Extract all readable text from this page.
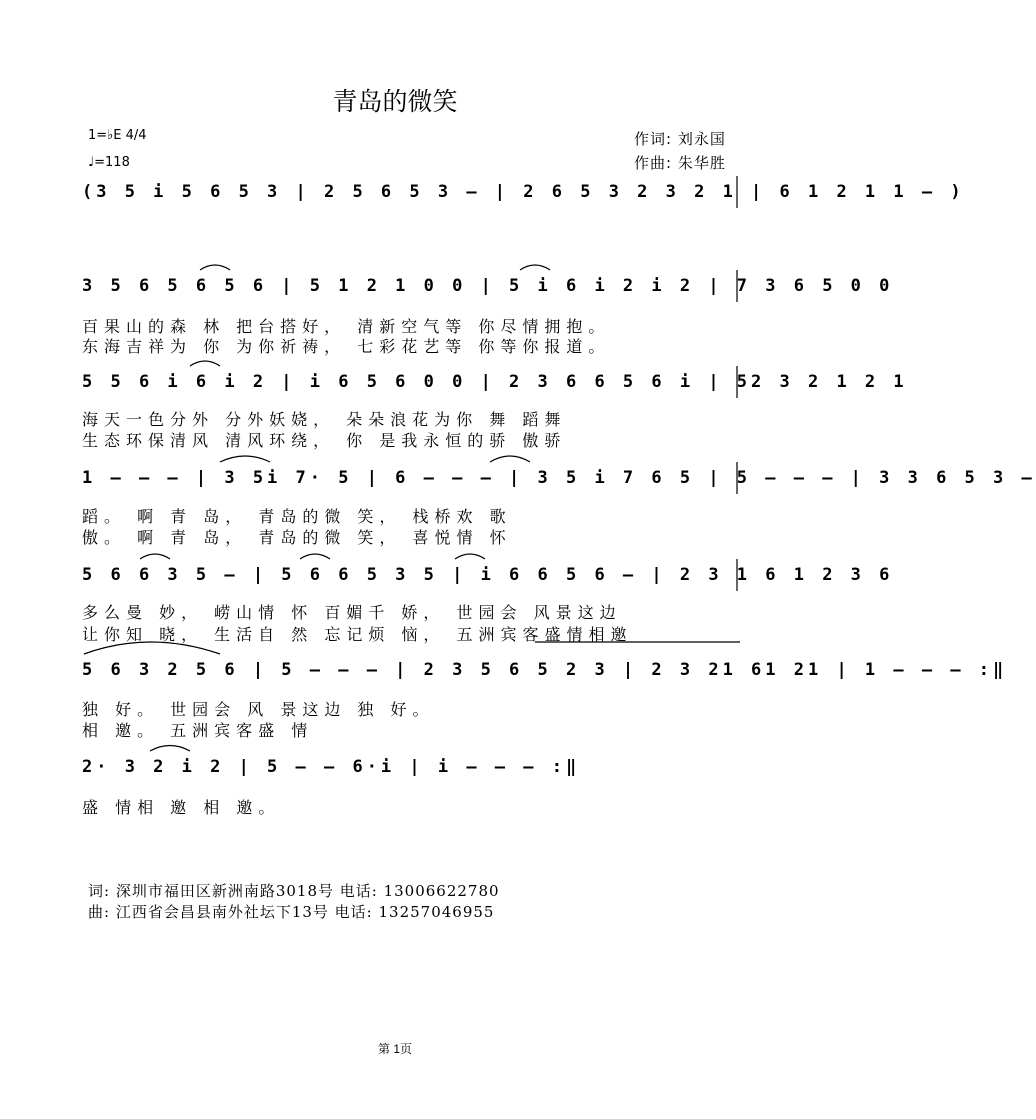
青岛的微笑
1=♭E 4/4
♩=118
作词: 刘永国
作曲: 朱华胜
(3 5 i 5 6 5 3 | 2 5 6 5 3 – | 2 6 5 3 2 3 2 1 | 6 1 2 1 1 – )
3 5 6 5 6 5 6 | 5 1 2 1 0 0 | 5 i 6 i 2 i 2 | 7 3 6 5 0 0
百果山的森 林 把台搭好， 清新空气等 你尽情拥抱。
东海吉祥为 你 为你祈祷， 七彩花艺等 你等你报道。
5 5 6 i 6 i 2 | i 6 5 6 0 0 | 2 3 6 6 5 6 i | 52 3 2 1 2 1
海天一色分外 分外妖娆， 朵朵浪花为你 舞 蹈舞
生态环保清风 清风环绕， 你 是我永恒的骄 傲骄
1 – – – | 3 5i 7· 5 | 6 – – – | 3 5 i 7 6 5 | 5 – – – | 3 3 6 5 3 –
蹈。 啊 青 岛， 青岛的微 笑， 栈桥欢 歌
傲。 啊 青 岛， 青岛的微 笑， 喜悦情 怀
5 6 6 3 5 – | 5 6 6 5 3 5 | i 6 6 5 6 – | 2 3 1 6 1 2 3 6
多么曼 妙， 崂山情 怀 百媚千 娇， 世园会 风景这边
让你知 晓， 生活自 然 忘记烦 恼， 五洲宾客盛情相邀
5 6 3 2 5 6 | 5 – – – | 2 3 5 6 5 2 3 | 2 3 21 61 21 | 1 – – – :‖
独 好。 世园会 风 景这边 独 好。
相 邀。 五洲宾客盛 情
2· 3 2 i 2 | 5 – – 6·i | i – – – :‖
盛 情相 邀 相 邀。
词: 深圳市福田区新洲南路3018号 电话: 13006622780
曲: 江西省会昌县南外社坛下13号 电话: 13257046955
第 1页
